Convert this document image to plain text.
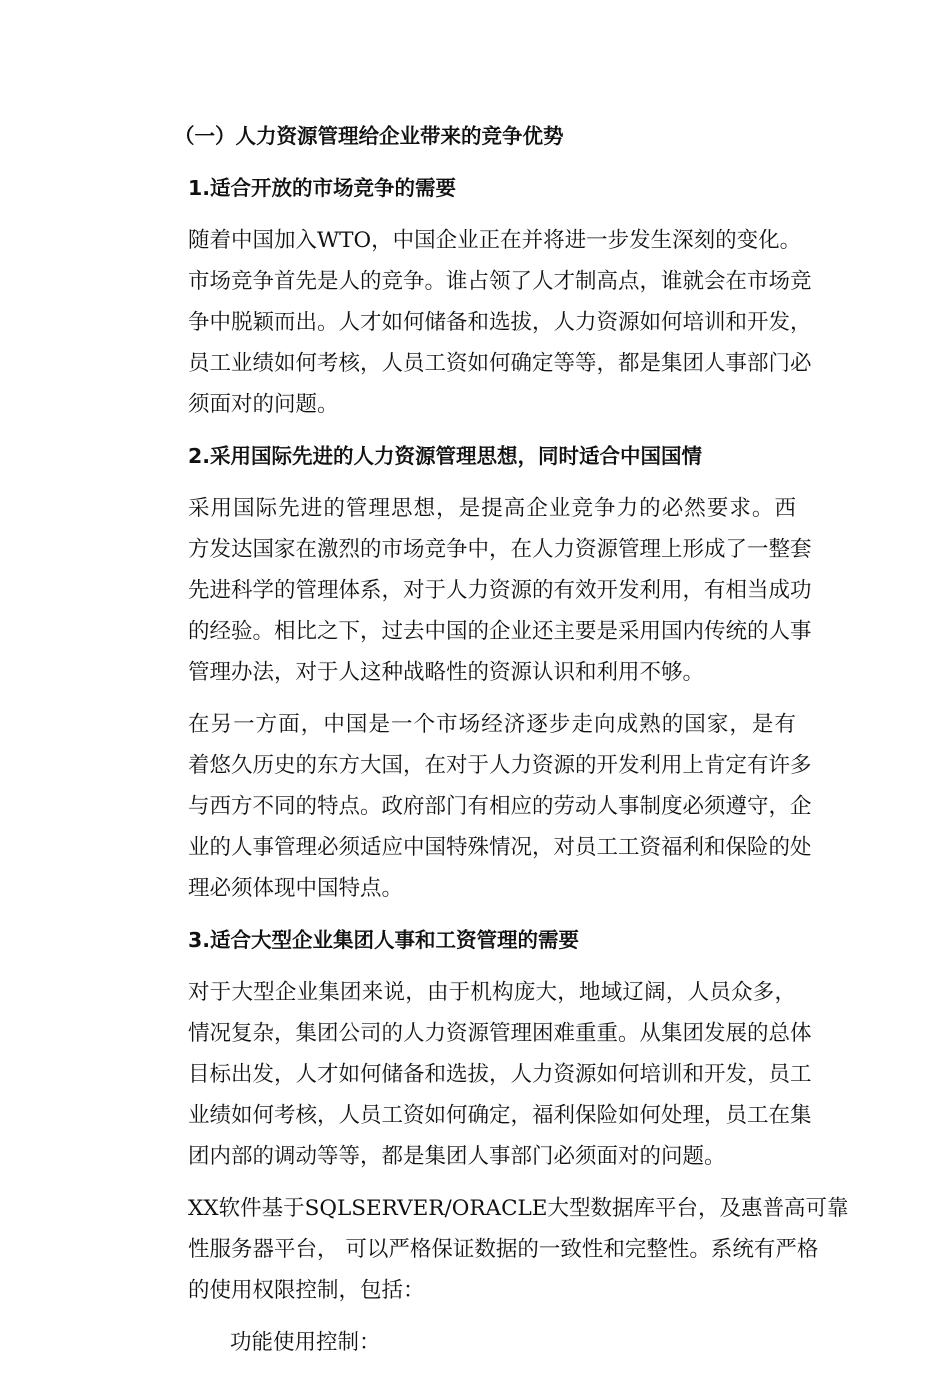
（一）人力资源管理给企业带来的竞争优势
1.适合开放的市场竞争的需要
随着中国加入WTO，中国企业正在并将进一步发生深刻的变化。
市场竞争首先是人的竞争。谁占领了人才制高点，谁就会在市场竞
争中脱颖而出。人才如何储备和选拔，人力资源如何培训和开发，
员工业绩如何考核，人员工资如何确定等等，都是集团人事部门必
须面对的问题。
2.采用国际先进的人力资源管理思想，同时适合中国国情
采用国际先进的管理思想，是提高企业竞争力的必然要求。西
方发达国家在激烈的市场竞争中，在人力资源管理上形成了一整套
先进科学的管理体系，对于人力资源的有效开发利用，有相当成功
的经验。相比之下，过去中国的企业还主要是采用国内传统的人事
管理办法，对于人这种战略性的资源认识和利用不够。
在另一方面，中国是一个市场经济逐步走向成熟的国家，是有
着悠久历史的东方大国，在对于人力资源的开发利用上肯定有许多
与西方不同的特点。政府部门有相应的劳动人事制度必须遵守，企
业的人事管理必须适应中国特殊情况，对员工工资福利和保险的处
理必须体现中国特点。
3.适合大型企业集团人事和工资管理的需要
对于大型企业集团来说，由于机构庞大，地域辽阔，人员众多，
情况复杂，集团公司的人力资源管理困难重重。从集团发展的总体
目标出发，人才如何储备和选拔，人力资源如何培训和开发，员工
业绩如何考核，人员工资如何确定，福利保险如何处理，员工在集
团内部的调动等等，都是集团人事部门必须面对的问题。
XX软件基于SQLSERVER/ORACLE大型数据库平台，及惠普高可靠
性服务器平台， 可以严格保证数据的一致性和完整性。系统有严格
的使用权限控制，包括：
功能使用控制：
